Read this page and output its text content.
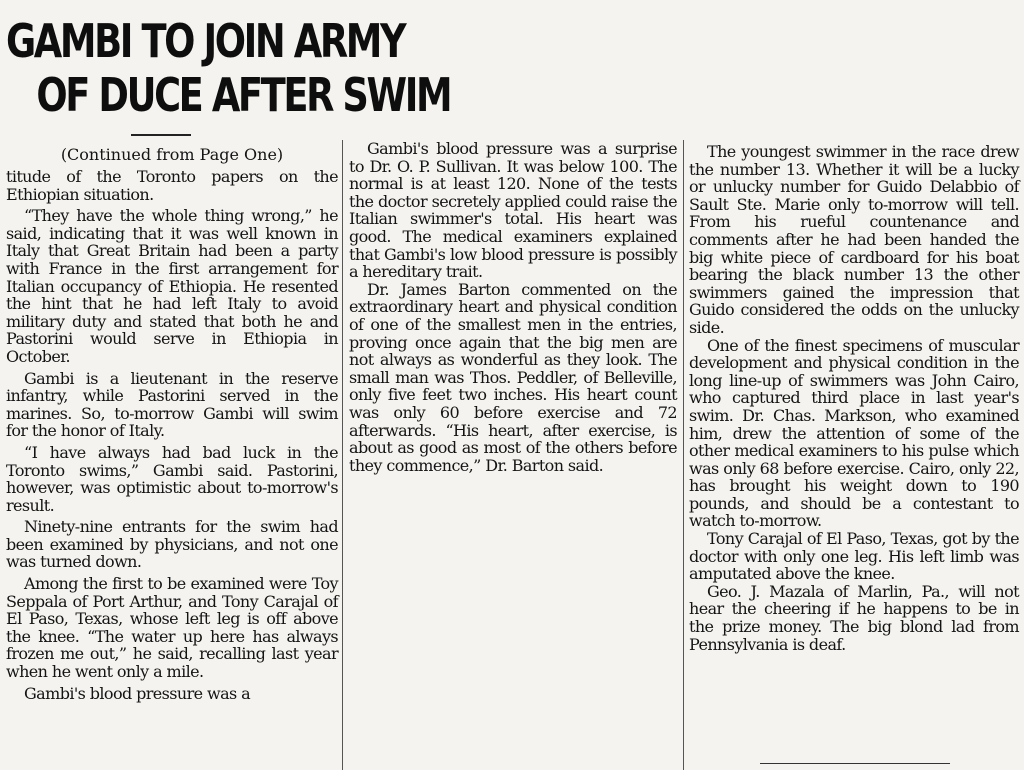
GAMBI TO JOIN ARMY
OF DUCE AFTER SWIM
(Continued from Page One)

titude of the Toronto papers on the Ethiopian situation.

“They have the whole thing wrong,” he said, indicating that it was well known in Italy that Great Britain had been a party with France in the first arrangement for Italian occupancy of Ethiopia. He resented the hint that he had left Italy to avoid military duty and stated that both he and Pastorini would serve in Ethiopia in October.

Gambi is a lieutenant in the reserve infantry, while Pastorini served in the marines. So, to-morrow Gambi will swim for the honor of Italy.

“I have always had bad luck in the Toronto swims,” Gambi said. Pastorini, however, was optimistic about to-morrow's result.

Ninety-nine entrants for the swim had been examined by physicians, and not one was turned down.

Among the first to be examined were Toy Seppala of Port Arthur, and Tony Carajal of El Paso, Texas, whose left leg is off above the knee. “The water up here has always frozen me out,” he said, recalling last year when he went only a mile.

Gambi's blood pressure was a

Gambi's blood pressure was a surprise to Dr. O. P. Sullivan. It was below 100. The normal is at least 120. None of the tests the doctor secretely applied could raise the Italian swimmer's total. His heart was good. The medical examiners explained that Gambi's low blood pressure is possibly a hereditary trait.

Dr. James Barton commented on the extraordinary heart and physical condition of one of the smallest men in the entries, proving once again that the big men are not always as wonderful as they look. The small man was Thos. Peddler, of Belleville, only five feet two inches. His heart count was only 60 before exercise and 72 afterwards. “His heart, after exercise, is about as good as most of the others before they commence,” Dr. Barton said.

The youngest swimmer in the race drew the number 13. Whether it will be a lucky or unlucky number for Guido Delabbio of Sault Ste. Marie only to-morrow will tell. From his rueful countenance and comments after he had been handed the big white piece of cardboard for his boat bearing the black number 13 the other swimmers gained the impression that Guido considered the odds on the unlucky side.

One of the finest specimens of muscular development and physical condition in the long line-up of swimmers was John Cairo, who captured third place in last year's swim. Dr. Chas. Markson, who examined him, drew the attention of some of the other medical examiners to his pulse which was only 68 before exercise. Cairo, only 22, has brought his weight down to 190 pounds, and should be a contestant to watch to-morrow.

Tony Carajal of El Paso, Texas, got by the doctor with only one leg. His left limb was amputated above the knee.

Geo. J. Mazala of Marlin, Pa., will not hear the cheering if he happens to be in the prize money. The big blond lad from Pennsylvania is deaf.
